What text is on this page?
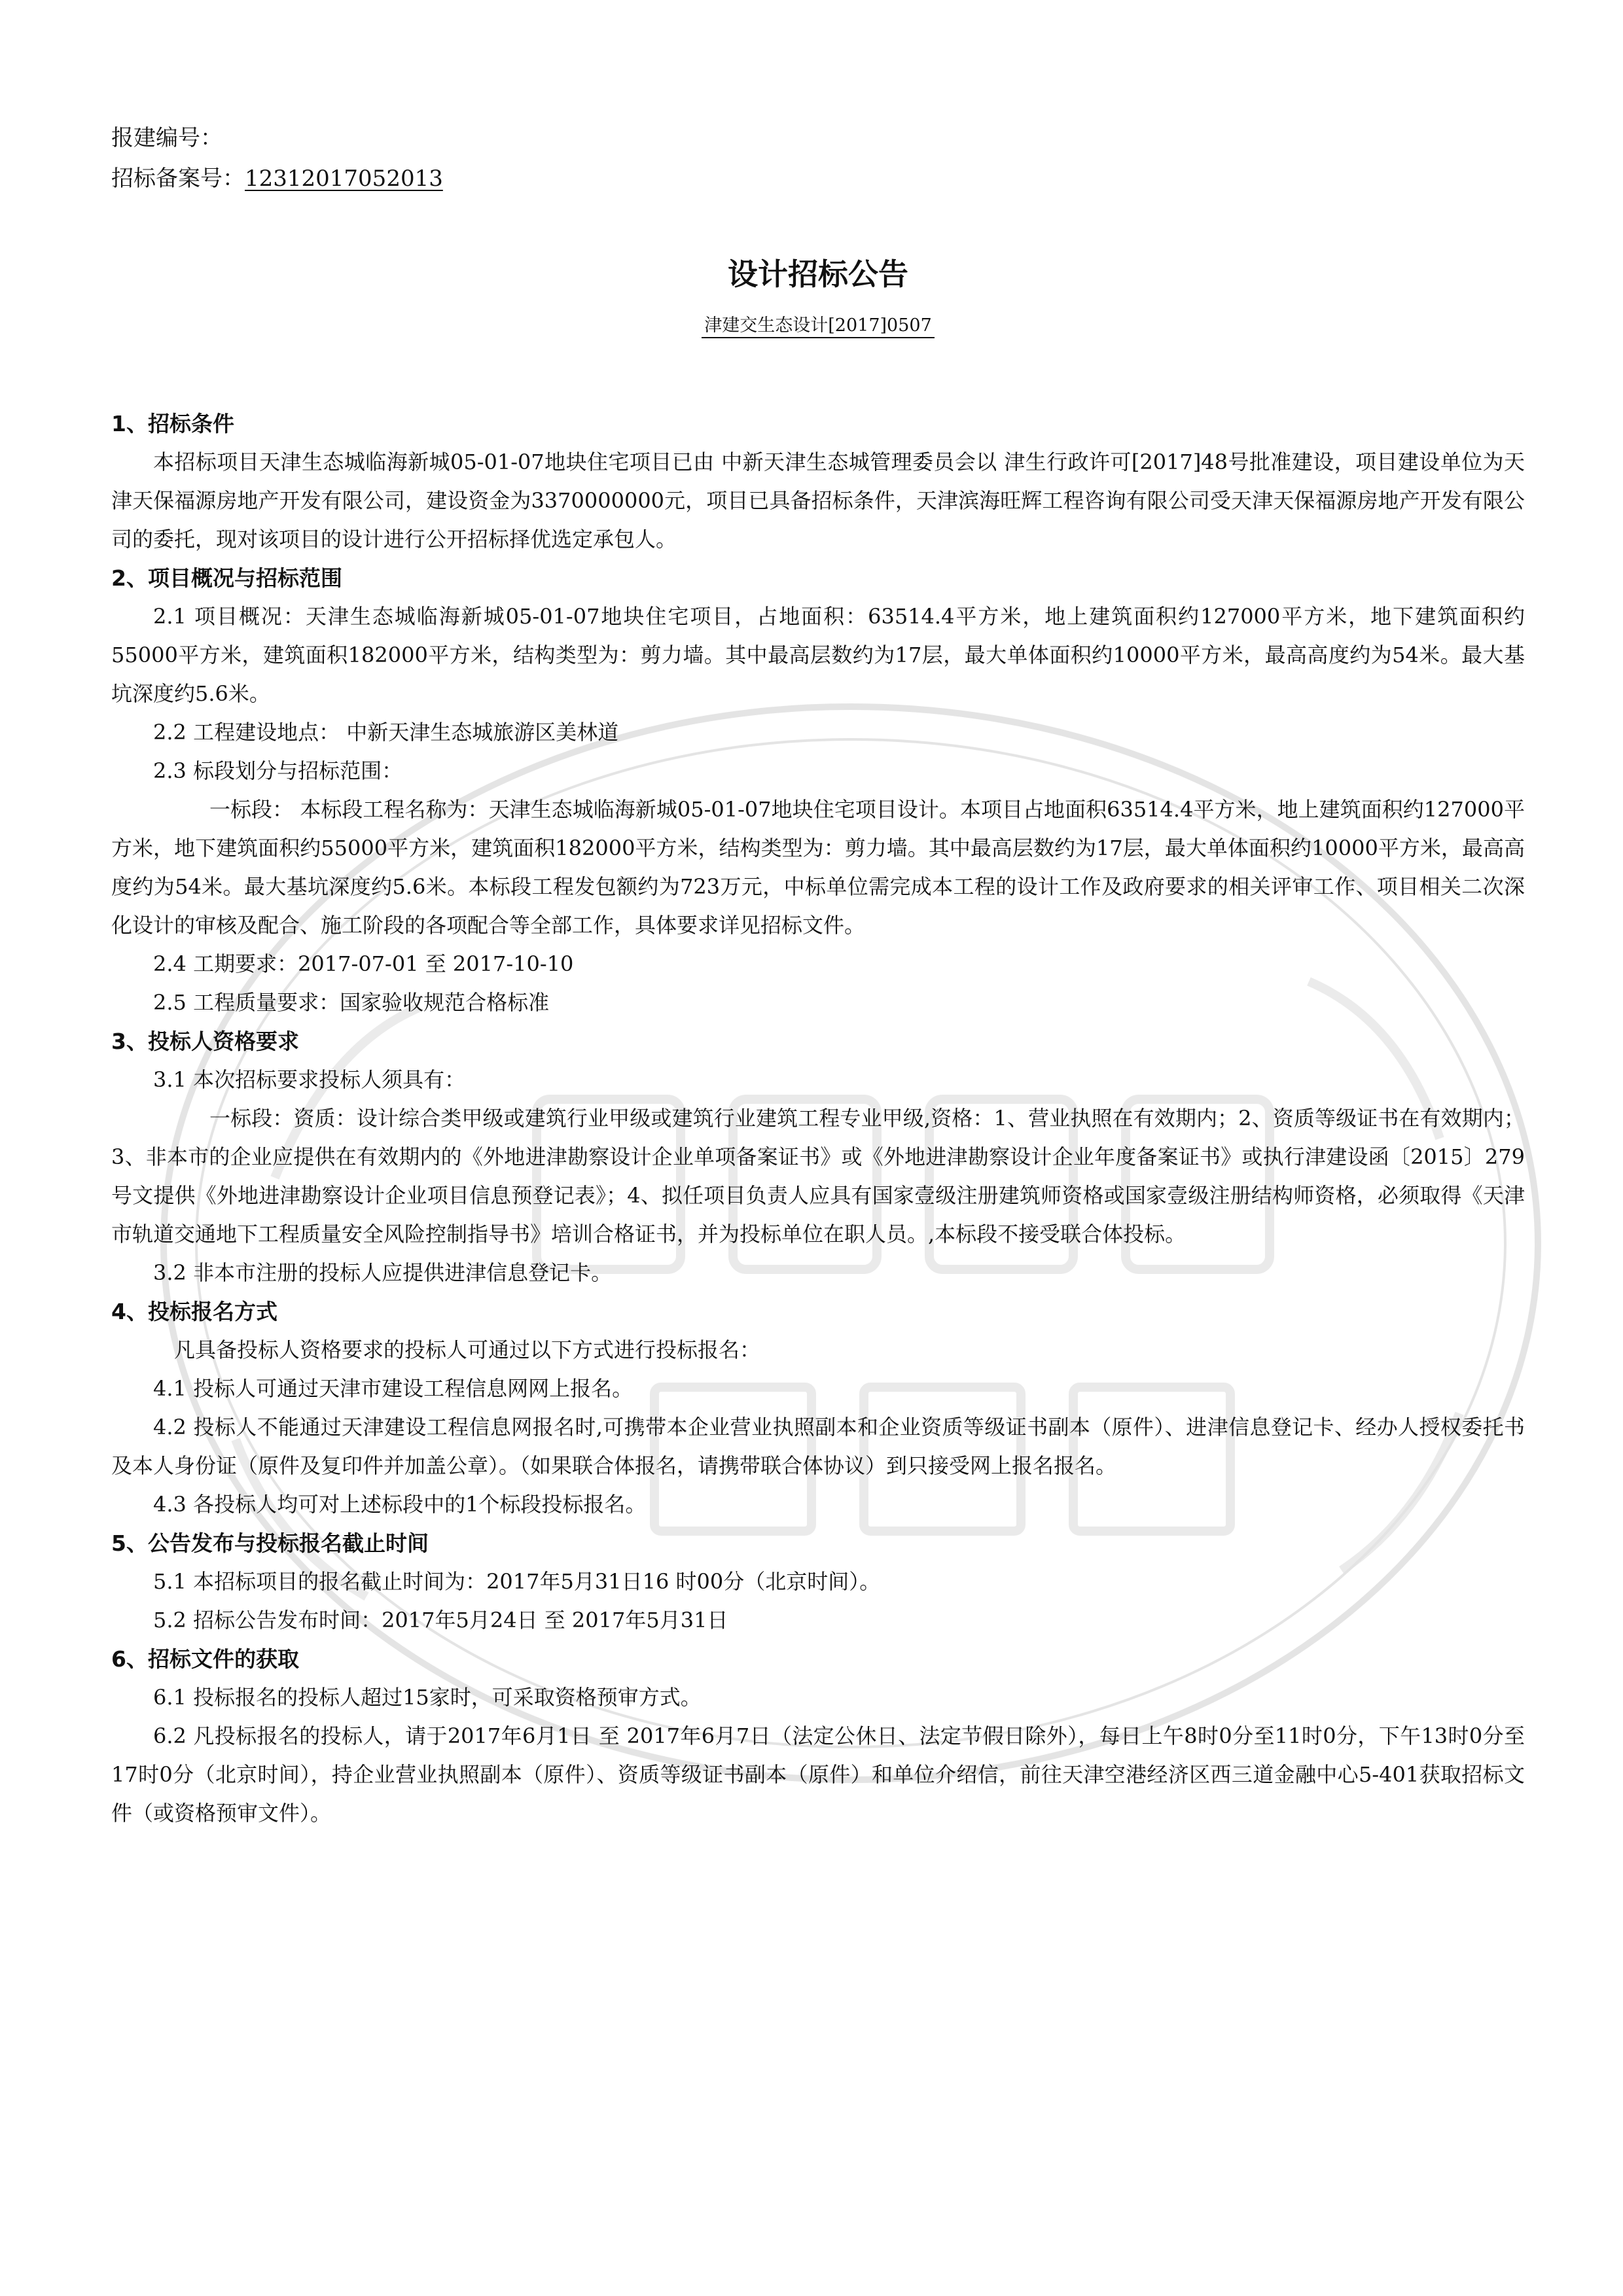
报建编号：
招标备案号：12312017052013
设计招标公告
津建交生态设计[2017]0507
1、招标条件

本招标项目天津生态城临海新城05-01-07地块住宅项目已由 中新天津生态城管理委员会以 津生行政许可[2017]48号批准建设，项目建设单位为天津天保福源房地产开发有限公司，建设资金为3370000000元，项目已具备招标条件，天津滨海旺辉工程咨询有限公司受天津天保福源房地产开发有限公司的委托，现对该项目的设计进行公开招标择优选定承包人。

2、项目概况与招标范围

2.1 项目概况：天津生态城临海新城05-01-07地块住宅项目，占地面积：63514.4平方米，地上建筑面积约127000平方米，地下建筑面积约55000平方米，建筑面积182000平方米，结构类型为：剪力墙。其中最高层数约为17层，最大单体面积约10000平方米，最高高度约为54米。最大基坑深度约5.6米。

2.2 工程建设地点： 中新天津生态城旅游区美林道

2.3 标段划分与招标范围：

一标段： 本标段工程名称为：天津生态城临海新城05-01-07地块住宅项目设计。本项目占地面积63514.4平方米，地上建筑面积约127000平方米，地下建筑面积约55000平方米，建筑面积182000平方米，结构类型为：剪力墙。其中最高层数约为17层，最大单体面积约10000平方米，最高高度约为54米。最大基坑深度约5.6米。本标段工程发包额约为723万元，中标单位需完成本工程的设计工作及政府要求的相关评审工作、项目相关二次深化设计的审核及配合、施工阶段的各项配合等全部工作，具体要求详见招标文件。

2.4 工期要求：2017-07-01 至 2017-10-10

2.5 工程质量要求：国家验收规范合格标准

3、投标人资格要求

3.1 本次招标要求投标人须具有：

一标段：资质：设计综合类甲级或建筑行业甲级或建筑行业建筑工程专业甲级,资格：1、营业执照在有效期内；2、资质等级证书在有效期内；3、非本市的企业应提供在有效期内的《外地进津勘察设计企业单项备案证书》或《外地进津勘察设计企业年度备案证书》或执行津建设函〔2015〕279号文提供《外地进津勘察设计企业项目信息预登记表》；4、拟任项目负责人应具有国家壹级注册建筑师资格或国家壹级注册结构师资格，必须取得《天津市轨道交通地下工程质量安全风险控制指导书》培训合格证书，并为投标单位在职人员。,本标段不接受联合体投标。

3.2 非本市注册的投标人应提供进津信息登记卡。

4、投标报名方式

凡具备投标人资格要求的投标人可通过以下方式进行投标报名：

4.1 投标人可通过天津市建设工程信息网网上报名。

4.2 投标人不能通过天津建设工程信息网报名时,可携带本企业营业执照副本和企业资质等级证书副本（原件）、进津信息登记卡、经办人授权委托书及本人身份证（原件及复印件并加盖公章）。（如果联合体报名，请携带联合体协议）到只接受网上报名报名。

4.3 各投标人均可对上述标段中的1个标段投标报名。

5、公告发布与投标报名截止时间

5.1 本招标项目的报名截止时间为：2017年5月31日16 时00分（北京时间）。

5.2 招标公告发布时间：2017年5月24日 至 2017年5月31日

6、招标文件的获取

6.1 投标报名的投标人超过15家时，可采取资格预审方式。

6.2 凡投标报名的投标人，请于2017年6月1日 至 2017年6月7日（法定公休日、法定节假日除外），每日上午8时0分至11时0分，下午13时0分至17时0分（北京时间），持企业营业执照副本（原件）、资质等级证书副本（原件）和单位介绍信，前往天津空港经济区西三道金融中心5-401获取招标文件（或资格预审文件）。
